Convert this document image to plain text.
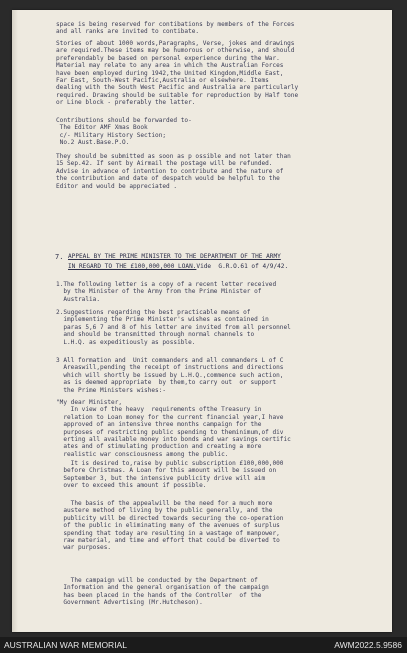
space is being reserved for contibations by members of the Forces
and all ranks are invited to contibate.
Stories of about 1000 words,Paragraphs, Verse, jokes and drawings
are required.These items may be humorous or otherwise, and should
preferendably be based on personal experience during the War.
Material may relate to any area in which the Australian Forces
have been employed during 1942,the United Kingdom,Middle East,
Far East, South-West Pacific,Australia or elsewhere. Items
dealing with the South West Pacific and Australia are particularly
required. Drawing should be suitable for reproduction by Half tone
or Line block - preferably the latter.
Contributions should be forwarded to-
The Editor AMF Xmas Book
c/- Military History Section;
No.2 Aust.Base.P.O.
They should be submitted as soon as p ossible and not later than
15 Sep.42. If sent by Airmail the postage will be refunded.
Advise in advance of intention to contribute and the nature of
the contribution and date of despatch would be helpful to the
Editor and would be appreciated .
7. APPEAL BY THE PRIME MINISTER TO THE DEPARTMENT OF THE ARMY
IN REGARD TO THE £100,000,000 LOAN.Vide  G.R.O.61 of 4/9/42.
1.The following letter is a copy of a recent letter received
by the Minister of the Army from the Prime Minister of
Australia.
2.Suggestions regarding the best practicable means of
implementing the Prime Minister's wishes as contained in
paras 5,6 7 and 8 of his letter are invited from all personnel
and should be transmitted through normal channels to
L.H.Q. as expeditiously as possible.
3 All formation and  Unit commanders and all commanders L of C
Areaswill,pending the receipt of instructions and directions
which will shortly be issued by L.H.Q.,commence such action,
as is deemed appropriate  by them,to carry out  or support
the Prime Ministers wishes:-
"My dear Minister,
In view of the heavy  requirements ofthe Treasury in
relation to Loan money for the current financial year,I have
approved of an intensive three months campaign for the
purposes of restricting public spending to theminimum,of div
erting all available money into bonds and war savings certific
ates and of stimulating production and creating a more
realistic war consciousness among the public.
It is desired to,raise by public subscription £100,000,000
before Christmas. A Loan for this amount will be issued on
September 3, but the intensive publicity drive will aim
over to exceed this amount if possible.
The basis of the appealwill be the need for a much more
austere method of living by the public generally, and the
publicity will be directed towards securing the co-operation
of the public in eliminating many of the avenues of surplus
spending that today are resulting in a wastage of manpower,
raw material, and time and effort that could be diverted to
war purposes.
The campaign will be conducted by the Department of
Information and the general organisation of the campaign
has been placed in the hands of the Controller  of the
Government Advertising (Mr.Hutcheson).
AUSTRALIAN WAR MEMORIAL	AWM2022.5.9586
